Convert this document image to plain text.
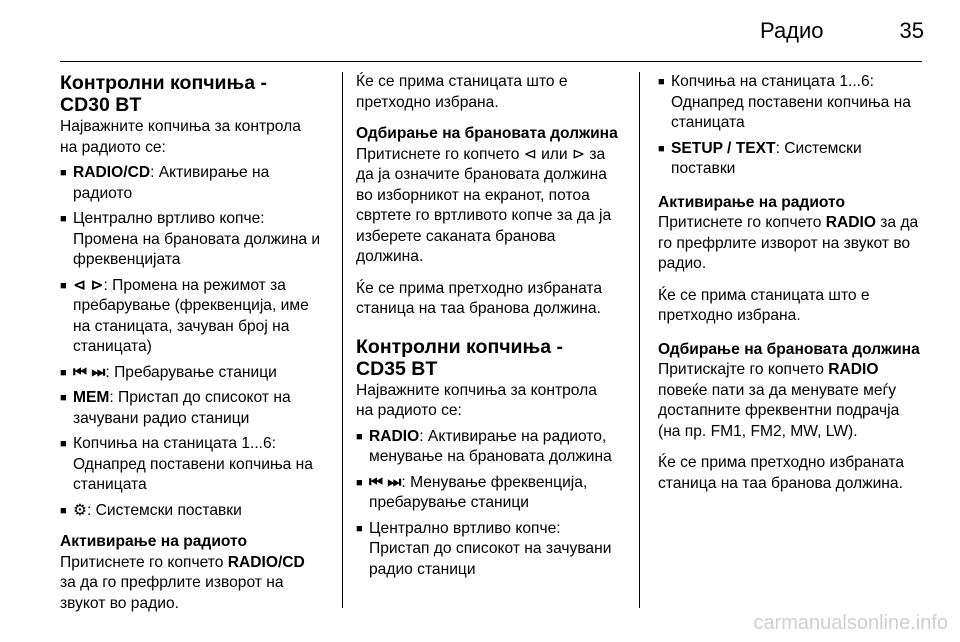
Радио	35
Контролни копчиња -
CD30 BT

Најважните копчиња за контрола на радиото се:

■ RADIO/CD: Активирање на радиото
■ Централно вртливо копче: Промена на брановата должина и фреквенцијата
■ ⊲ ⊳: Промена на режимот за пребарување (фреквенција, име на станицата, зачуван број на станицата)
■ ⏮ ⏭: Пребарување станици
■ MEM: Пристап до списокот на зачувани радио станици
■ Копчиња на станицата 1...6: Однапред поставени копчиња на станицата
■ ⚙: Системски поставки
Активирање на радиото

Притиснете го копчето RADIO/CD за да го префрлите изворот на звукот во радио.

Ќе се прима станицата што е претходно избрана.

Одбирање на брановата должина

Притиснете го копчето ⊲ или ⊳ за да ја означите брановата должина во изборникот на екранот, потоа свртете го вртливото копче за да ја изберете саканата бранова должина.

Ќе се прима претходно избраната станица на таа бранова должина.

Контролни копчиња -
CD35 BT

Најважните копчиња за контрола на радиото се:

■ RADIO: Активирање на радиото, менување на брановата должина
■ ⏮ ⏭: Менување фреквенција, пребарување станици
■ Централно вртливо копче: Пристап до списокот на зачувани радио станици
■ Копчиња на станицата 1...6: Однапред поставени копчиња на станицата
■ SETUP / TEXT: Системски поставки
Активирање на радиото

Притиснете го копчето RADIO за да го префрлите изворот на звукот во радио.

Ќе се прима станицата што е претходно избрана.

Одбирање на брановата должина

Притискајте го копчето RADIO повеќе пати за да менувате меѓу достапните фреквентни подрачја (на пр. FM1, FM2, MW, LW).

Ќе се прима претходно избраната станица на таа бранова должина.

carmanualsonline.info
